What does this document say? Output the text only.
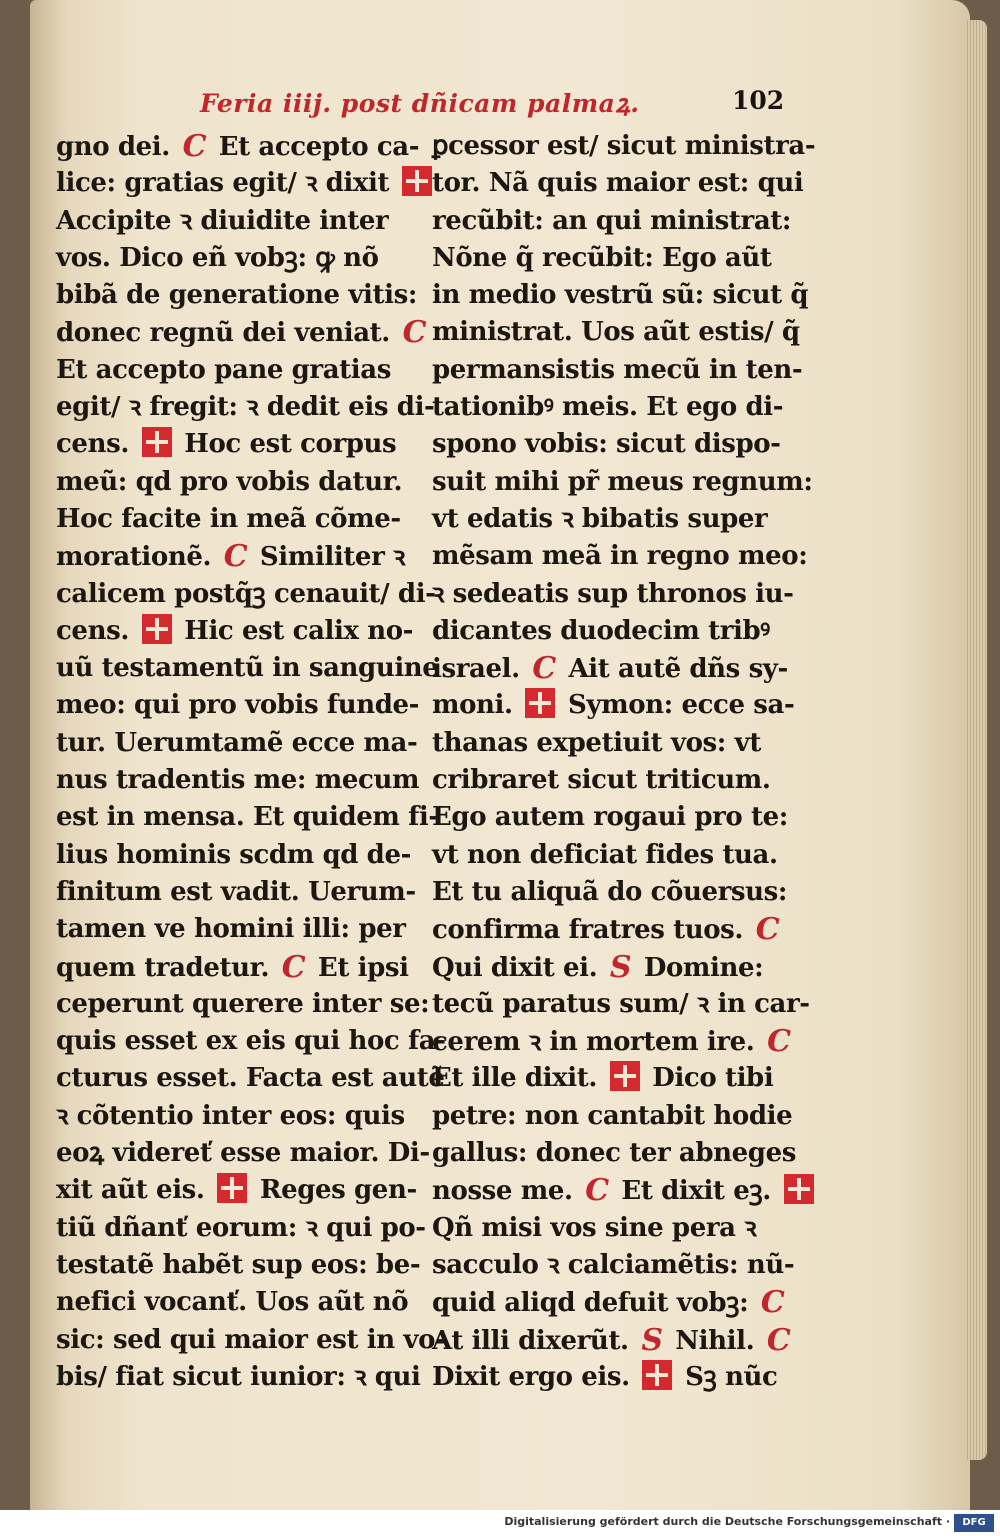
Feria iiij. post dñicam palmaꝝ.	102
gno dei. C Et accepto ca-
lice: gratias egit/ ꝛ dixit
Accipite ꝛ diuidite inter
vos. Dico eñ vobꝫ: ꝙ nõ
bibã de generatione vitis:
donec regnũ dei veniat. C
Et accepto pane gratias
egit/ ꝛ fregit: ꝛ dedit eis di-
cens.  Hoc est corpus
meũ: qd pro vobis datur.
Hoc facite in meã cõme-
morationẽ. C Similiter ꝛ
calicem postq̃ꝫ cenauit/ di-
cens.  Hic est calix no-
uũ testamentũ in sanguine
meo: qui pro vobis funde-
tur. Uerumtamẽ ecce ma-
nus tradentis me: mecum
est in mensa. Et quidem fi-
lius hominis scdm qd de-
finitum est vadit. Uerum-
tamen ve homini illi: per
quem tradetur. C Et ipsi
ceperunt querere inter se:
quis esset ex eis qui hoc fa-
cturus esset. Facta est autẽ
ꝛ cõtentio inter eos: quis
eoꝝ videreť esse maior. Di-
xit aũt eis.  Reges gen-
tiũ dñanť eorum: ꝛ qui po-
testatẽ habẽt sup eos: be-
nefici vocanť. Uos aũt nõ
sic: sed qui maior est in vo-
bis/ fiat sicut iunior: ꝛ qui
ꝑcessor est/ sicut ministra-
tor. Nã quis maior est: qui
recũbit: an qui ministrat:
Nõne q̃ recũbit: Ego aũt
in medio vestrũ sũ: sicut q̃
ministrat. Uos aũt estis/ q̃
permansistis mecũ in ten-
tationibꝰ meis. Et ego di-
spono vobis: sicut dispo-
suit mihi pr̃ meus regnum:
vt edatis ꝛ bibatis super
mẽsam meã in regno meo:
ꝛ sedeatis sup thronos iu-
dicantes duodecim tribꝰ
israel. C Ait autẽ dñs sy-
moni.  Symon: ecce sa-
thanas expetiuit vos: vt
cribraret sicut triticum.
Ego autem rogaui pro te:
vt non deficiat fides tua.
Et tu aliquã do cõuersus:
confirma fratres tuos. C
Qui dixit ei. S Domine:
tecũ paratus sum/ ꝛ in car-
cerem ꝛ in mortem ire. C
Et ille dixit.  Dico tibi
petre: non cantabit hodie
gallus: donec ter abneges
nosse me. C Et dixit eꝫ.
Qñ misi vos sine pera ꝛ
sacculo ꝛ calciamẽtis: nũ-
quid aliqd defuit vobꝫ: C
At illi dixerũt. S Nihil. C
Dixit ergo eis.  Sꝫ nũc
Digitalisierung gefördert durch die Deutsche Forschungsgemeinschaft ·	DFG
